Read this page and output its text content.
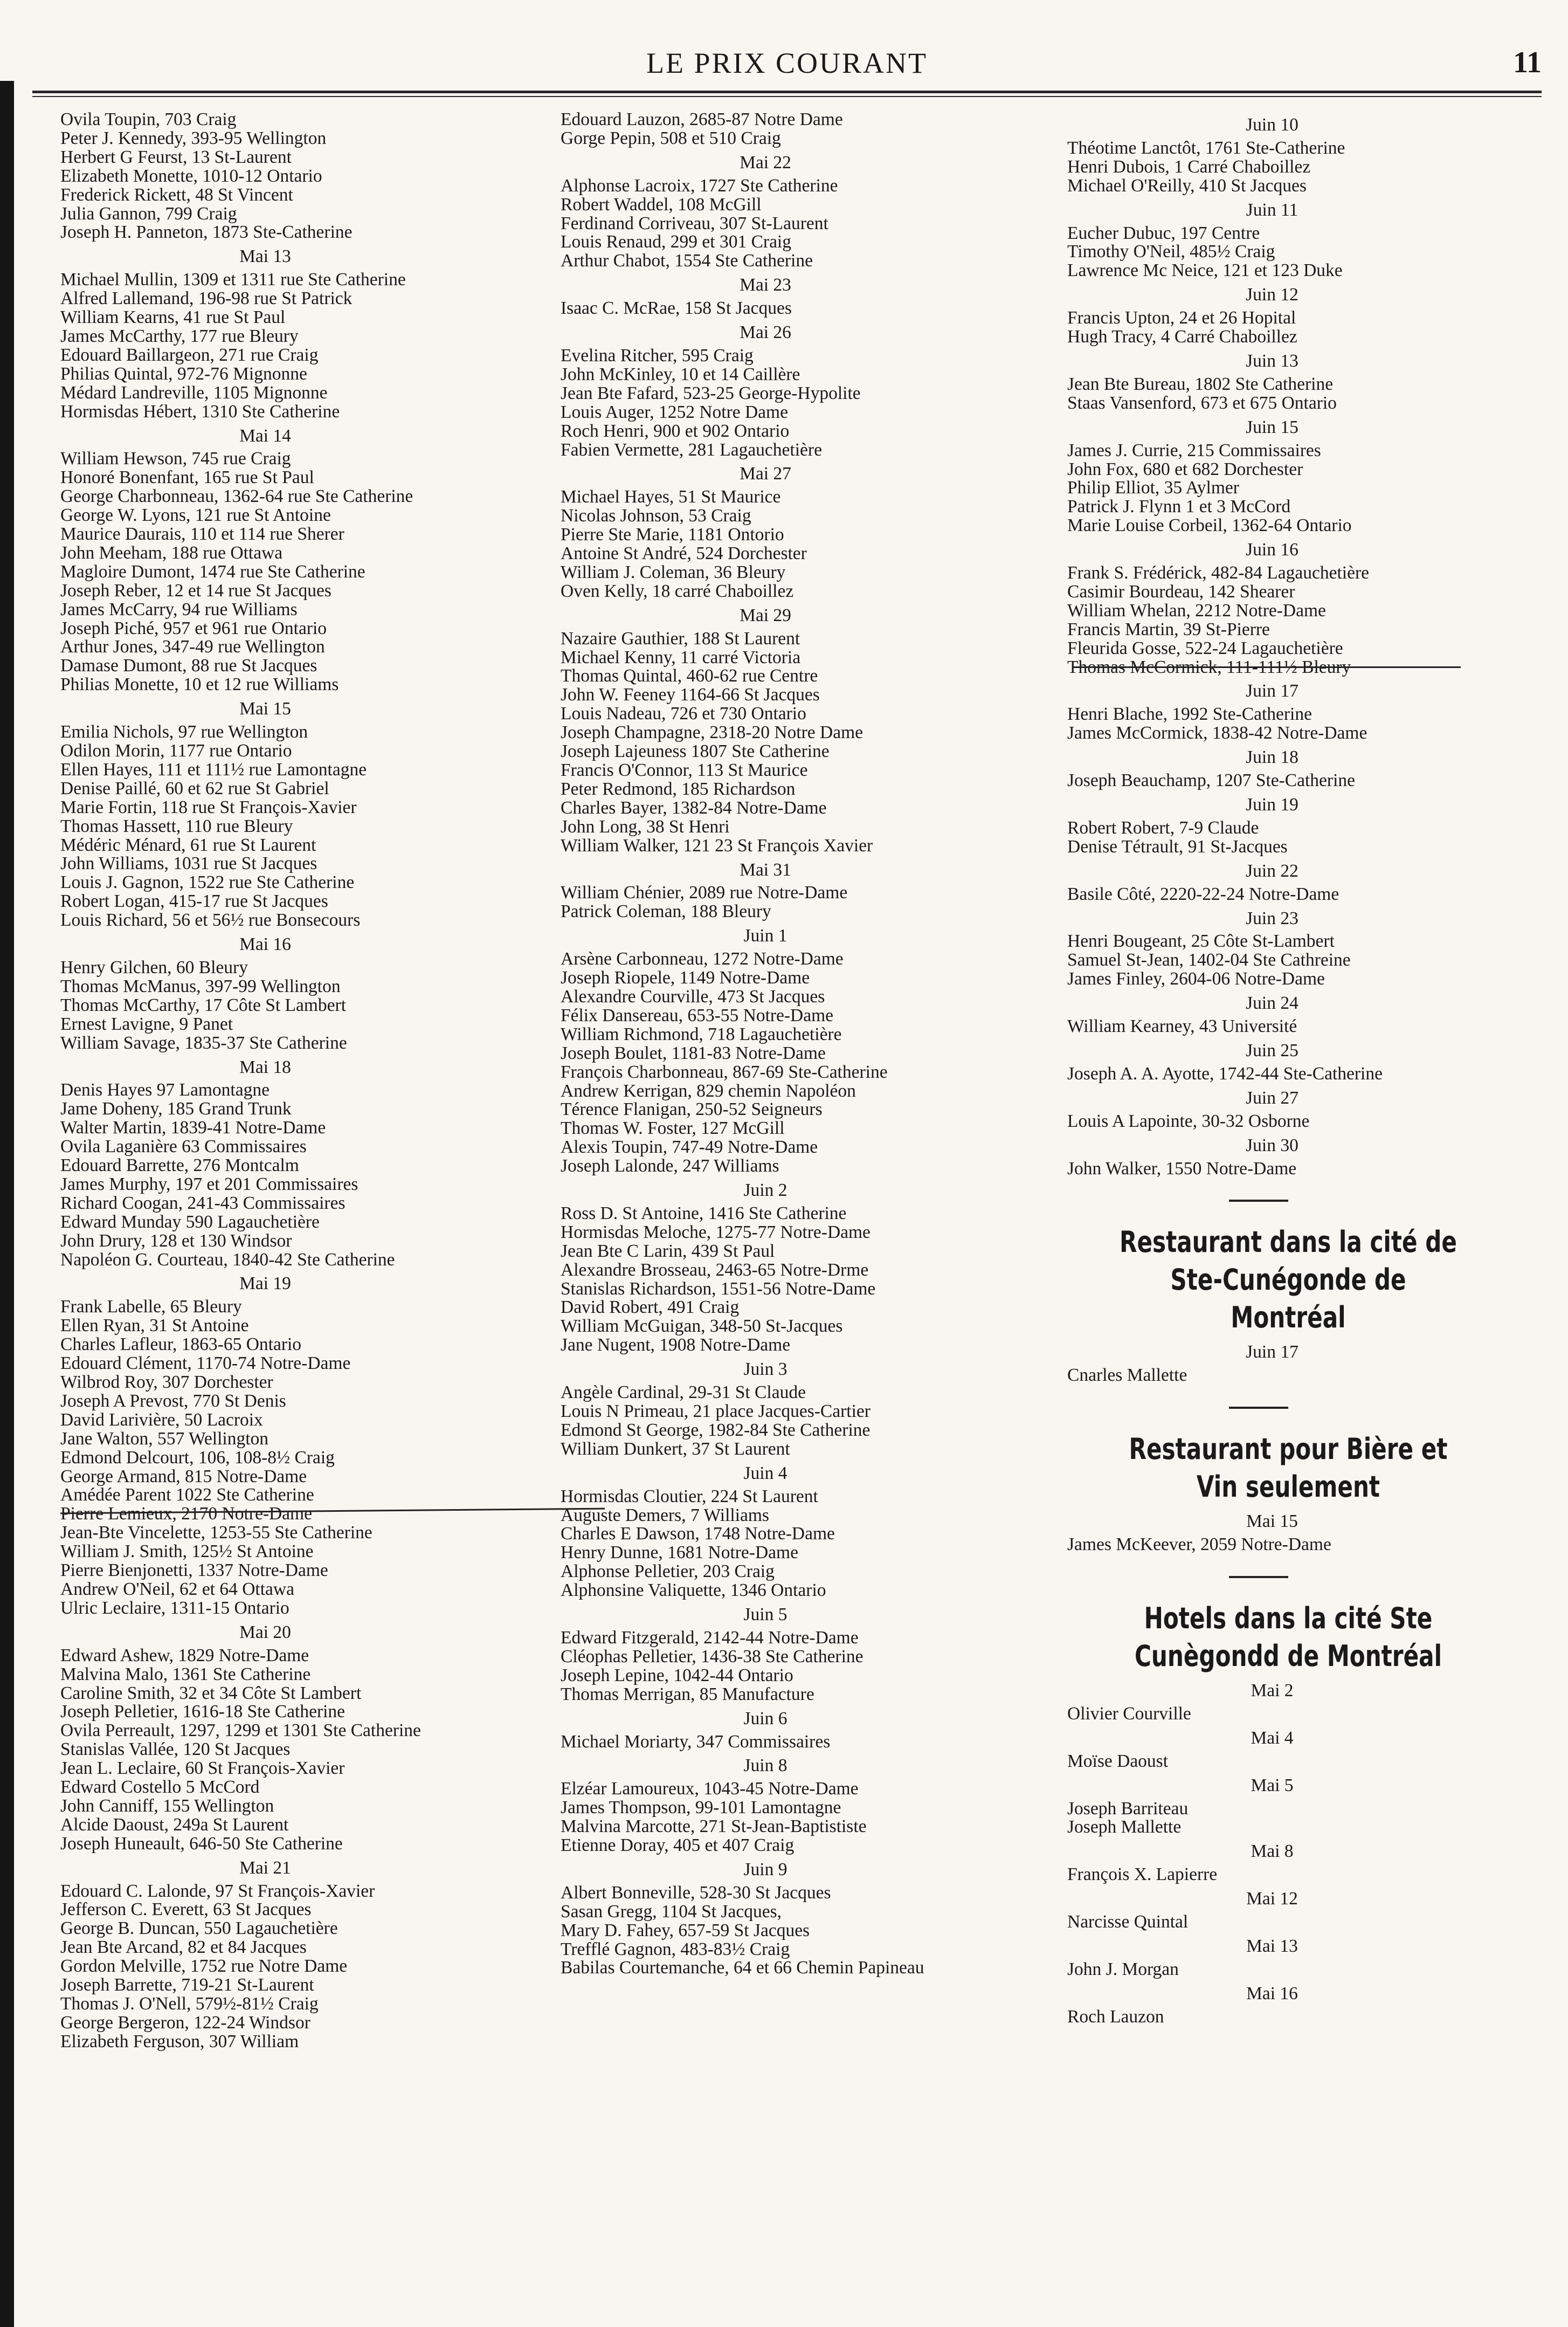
LE PRIX COURANT	11
Ovila Toupin, 703 Craig
Peter J. Kennedy, 393-95 Wellington
Herbert G Feurst, 13 St-Laurent
Elizabeth Monette, 1010-12 Ontario
Frederick Rickett, 48 St Vincent
Julia Gannon, 799 Craig
Joseph H. Panneton, 1873 Ste-Catherine
Mai 13
Michael Mullin, 1309 et 1311 rue Ste Catherine
Alfred Lallemand, 196-98 rue St Patrick
William Kearns, 41 rue St Paul
James McCarthy, 177 rue Bleury
Edouard Baillargeon, 271 rue Craig
Philias Quintal, 972-76 Mignonne
Médard Landreville, 1105 Mignonne
Hormisdas Hébert, 1310 Ste Catherine
Mai 14
William Hewson, 745 rue Craig
Honoré Bonenfant, 165 rue St Paul
George Charbonneau, 1362-64 rue Ste Catherine
George W. Lyons, 121 rue St Antoine
Maurice Daurais, 110 et 114 rue Sherer
John Meeham, 188 rue Ottawa
Magloire Dumont, 1474 rue Ste Catherine
Joseph Reber, 12 et 14 rue St Jacques
James McCarry, 94 rue Williams
Joseph Piché, 957 et 961 rue Ontario
Arthur Jones, 347-49 rue Wellington
Damase Dumont, 88 rue St Jacques
Philias Monette, 10 et 12 rue Williams
Mai 15
Emilia Nichols, 97 rue Wellington
Odilon Morin, 1177 rue Ontario
Ellen Hayes, 111 et 111½ rue Lamontagne
Denise Paillé, 60 et 62 rue St Gabriel
Marie Fortin, 118 rue St François-Xavier
Thomas Hassett, 110 rue Bleury
Médéric Ménard, 61 rue St Laurent
John Williams, 1031 rue St Jacques
Louis J. Gagnon, 1522 rue Ste Catherine
Robert Logan, 415-17 rue St Jacques
Louis Richard, 56 et 56½ rue Bonsecours
Mai 16
Henry Gilchen, 60 Bleury
Thomas McManus, 397-99 Wellington
Thomas McCarthy, 17 Côte St Lambert
Ernest Lavigne, 9 Panet
William Savage, 1835-37 Ste Catherine
Mai 18
Denis Hayes 97 Lamontagne
Jame Doheny, 185 Grand Trunk
Walter Martin, 1839-41 Notre-Dame
Ovila Laganière 63 Commissaires
Edouard Barrette, 276 Montcalm
James Murphy, 197 et 201 Commissaires
Richard Coogan, 241-43 Commissaires
Edward Munday 590 Lagauchetière
John Drury, 128 et 130 Windsor
Napoléon G. Courteau, 1840-42 Ste Catherine
Mai 19
Frank Labelle, 65 Bleury
Ellen Ryan, 31 St Antoine
Charles Lafleur, 1863-65 Ontario
Edouard Clément, 1170-74 Notre-Dame
Wilbrod Roy, 307 Dorchester
Joseph A Prevost, 770 St Denis
David Larivière, 50 Lacroix
Jane Walton, 557 Wellington
Edmond Delcourt, 106, 108-8½ Craig
George Armand, 815 Notre-Dame
Amédée Parent 1022 Ste Catherine
Pierre Lemieux, 2170 Notre-Dame
Jean-Bte Vincelette, 1253-55 Ste Catherine
William J. Smith, 125½ St Antoine
Pierre Bienjonetti, 1337 Notre-Dame
Andrew O'Neil, 62 et 64 Ottawa
Ulric Leclaire, 1311-15 Ontario
Mai 20
Edward Ashew, 1829 Notre-Dame
Malvina Malo, 1361 Ste Catherine
Caroline Smith, 32 et 34 Côte St Lambert
Joseph Pelletier, 1616-18 Ste Catherine
Ovila Perreault, 1297, 1299 et 1301 Ste Catherine
Stanislas Vallée, 120 St Jacques
Jean L. Leclaire, 60 St François-Xavier
Edward Costello 5 McCord
John Canniff, 155 Wellington
Alcide Daoust, 249a St Laurent
Joseph Huneault, 646-50 Ste Catherine
Mai 21
Edouard C. Lalonde, 97 St François-Xavier
Jefferson C. Everett, 63 St Jacques
George B. Duncan, 550 Lagauchetière
Jean Bte Arcand, 82 et 84 Jacques
Gordon Melville, 1752 rue Notre Dame
Joseph Barrette, 719-21 St-Laurent
Thomas J. O'Nell, 579½-81½ Craig
George Bergeron, 122-24 Windsor
Elizabeth Ferguson, 307 William
Edouard Lauzon, 2685-87 Notre Dame
Gorge Pepin, 508 et 510 Craig
Mai 22
Alphonse Lacroix, 1727 Ste Catherine
Robert Waddel, 108 McGill
Ferdinand Corriveau, 307 St-Laurent
Louis Renaud, 299 et 301 Craig
Arthur Chabot, 1554 Ste Catherine
Mai 23
Isaac C. McRae, 158 St Jacques
Mai 26
Evelina Ritcher, 595 Craig
John McKinley, 10 et 14 Caillère
Jean Bte Fafard, 523-25 George-Hypolite
Louis Auger, 1252 Notre Dame
Roch Henri, 900 et 902 Ontario
Fabien Vermette, 281 Lagauchetière
Mai 27
Michael Hayes, 51 St Maurice
Nicolas Johnson, 53 Craig
Pierre Ste Marie, 1181 Ontorio
Antoine St André, 524 Dorchester
William J. Coleman, 36 Bleury
Oven Kelly, 18 carré Chaboillez
Mai 29
Nazaire Gauthier, 188 St Laurent
Michael Kenny, 11 carré Victoria
Thomas Quintal, 460-62 rue Centre
John W. Feeney 1164-66 St Jacques
Louis Nadeau, 726 et 730 Ontario
Joseph Champagne, 2318-20 Notre Dame
Joseph Lajeuness 1807 Ste Catherine
Francis O'Connor, 113 St Maurice
Peter Redmond, 185 Richardson
Charles Bayer, 1382-84 Notre-Dame
John Long, 38 St Henri
William Walker, 121 23 St François Xavier
Mai 31
William Chénier, 2089 rue Notre-Dame
Patrick Coleman, 188 Bleury
Juin 1
Arsène Carbonneau, 1272 Notre-Dame
Joseph Riopele, 1149 Notre-Dame
Alexandre Courville, 473 St Jacques
Félix Dansereau, 653-55 Notre-Dame
William Richmond, 718 Lagauchetière
Joseph Boulet, 1181-83 Notre-Dame
François Charbonneau, 867-69 Ste-Catherine
Andrew Kerrigan, 829 chemin Napoléon
Térence Flanigan, 250-52 Seigneurs
Thomas W. Foster, 127 McGill
Alexis Toupin, 747-49 Notre-Dame
Joseph Lalonde, 247 Williams
Juin 2
Ross D. St Antoine, 1416 Ste Catherine
Hormisdas Meloche, 1275-77 Notre-Dame
Jean Bte C Larin, 439 St Paul
Alexandre Brosseau, 2463-65 Notre-Drme
Stanislas Richardson, 1551-56 Notre-Dame
David Robert, 491 Craig
William McGuigan, 348-50 St-Jacques
Jane Nugent, 1908 Notre-Dame
Juin 3
Angèle Cardinal, 29-31 St Claude
Louis N Primeau, 21 place Jacques-Cartier
Edmond St George, 1982-84 Ste Catherine
William Dunkert, 37 St Laurent
Juin 4
Hormisdas Cloutier, 224 St Laurent
Auguste Demers, 7 Williams
Charles E Dawson, 1748 Notre-Dame
Henry Dunne, 1681 Notre-Dame
Alphonse Pelletier, 203 Craig
Alphonsine Valiquette, 1346 Ontario
Juin 5
Edward Fitzgerald, 2142-44 Notre-Dame
Cléophas Pelletier, 1436-38 Ste Catherine
Joseph Lepine, 1042-44 Ontario
Thomas Merrigan, 85 Manufacture
Juin 6
Michael Moriarty, 347 Commissaires
Juin 8
Elzéar Lamoureux, 1043-45 Notre-Dame
James Thompson, 99-101 Lamontagne
Malvina Marcotte, 271 St-Jean-Baptististe
Etienne Doray, 405 et 407 Craig
Juin 9
Albert Bonneville, 528-30 St Jacques
Sasan Gregg, 1104 St Jacques,
Mary D. Fahey, 657-59 St Jacques
Trefflé Gagnon, 483-83½ Craig
Babilas Courtemanche, 64 et 66 Chemin Papineau
Juin 10
Théotime Lanctôt, 1761 Ste-Catherine
Henri Dubois, 1 Carré Chaboillez
Michael O'Reilly, 410 St Jacques
Juin 11
Eucher Dubuc, 197 Centre
Timothy O'Neil, 485½ Craig
Lawrence Mc Neice, 121 et 123 Duke
Juin 12
Francis Upton, 24 et 26 Hopital
Hugh Tracy, 4 Carré Chaboillez
Juin 13
Jean Bte Bureau, 1802 Ste Catherine
Staas Vansenford, 673 et 675 Ontario
Juin 15
James J. Currie, 215 Commissaires
John Fox, 680 et 682 Dorchester
Philip Elliot, 35 Aylmer
Patrick J. Flynn 1 et 3 McCord
Marie Louise Corbeil, 1362-64 Ontario
Juin 16
Frank S. Frédérick, 482-84 Lagauchetière
Casimir Bourdeau, 142 Shearer
William Whelan, 2212 Notre-Dame
Francis Martin, 39 St-Pierre
Fleurida Gosse, 522-24 Lagauchetière
Thomas McCormick, 111-111½ Bleury
Juin 17
Henri Blache, 1992 Ste-Catherine
James McCormick, 1838-42 Notre-Dame
Juin 18
Joseph Beauchamp, 1207 Ste-Catherine
Juin 19
Robert Robert, 7-9 Claude
Denise Tétrault, 91 St-Jacques
Juin 22
Basile Côté, 2220-22-24 Notre-Dame
Juin 23
Henri Bougeant, 25 Côte St-Lambert
Samuel St-Jean, 1402-04 Ste Cathreine
James Finley, 2604-06 Notre-Dame
Juin 24
William Kearney, 43 Université
Juin 25
Joseph A. A. Ayotte, 1742-44 Ste-Catherine
Juin 27
Louis A Lapointe, 30-32 Osborne
Juin 30
John Walker, 1550 Notre-Dame
Restaurant dans la cité de Ste-Cunégonde de Montréal
Juin 17
Cnarles Mallette
Restaurant pour Bière et Vin seulement
Mai 15
James McKeever, 2059 Notre-Dame
Hotels dans la cité Ste Cunègondd de Montréal
Mai 2
Olivier Courville
Mai 4
Moïse Daoust
Mai 5
Joseph Barriteau
Joseph Mallette
Mai 8
François X. Lapierre
Mai 12
Narcisse Quintal
Mai 13
John J. Morgan
Mai 16
Roch Lauzon
